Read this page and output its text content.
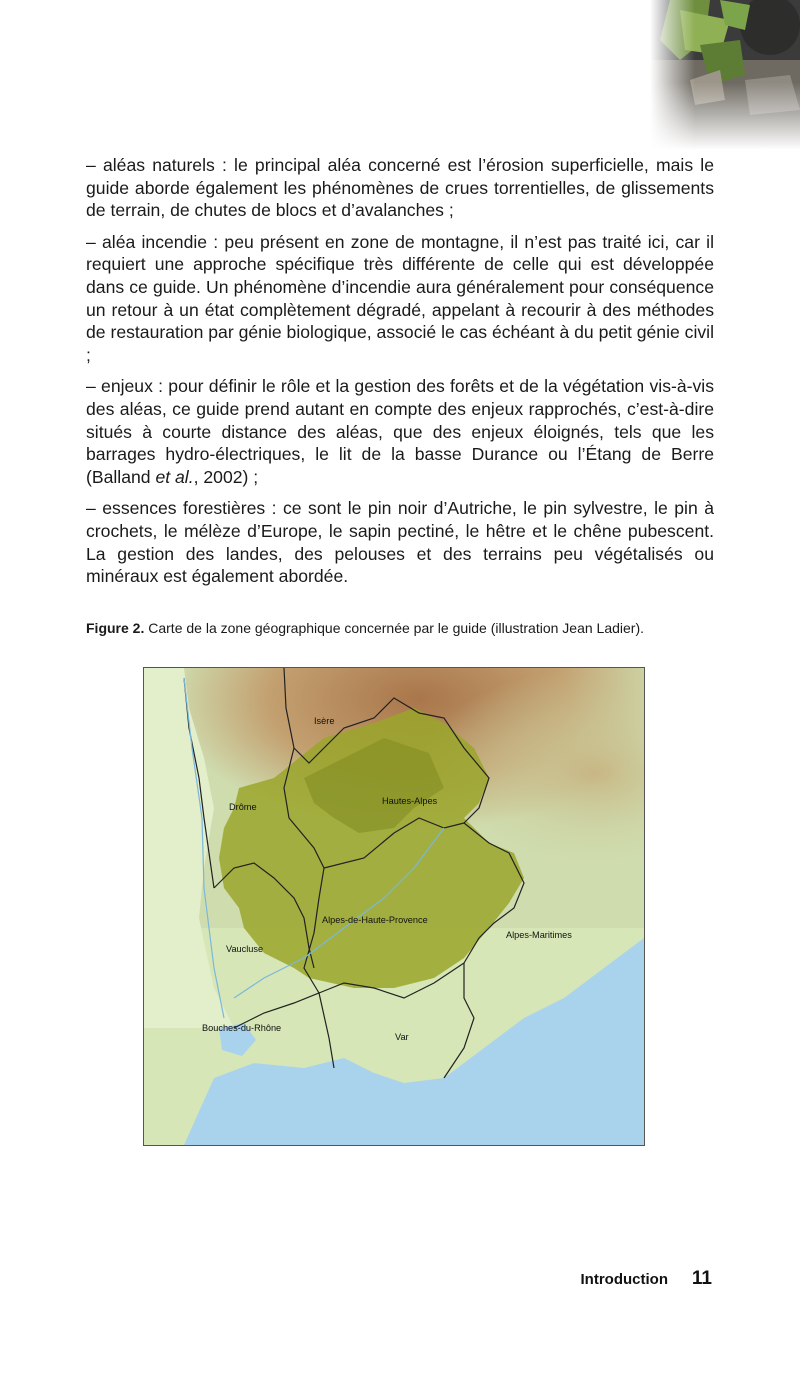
– aléas naturels : le principal aléa concerné est l’érosion superficielle, mais le guide aborde également les phénomènes de crues torrentielles, de glissements de terrain, de chutes de blocs et d’avalanches ;

– aléa incendie : peu présent en zone de montagne, il n’est pas traité ici, car il requiert une approche spécifique très différente de celle qui est développée dans ce guide. Un phénomène d’incendie aura généralement pour conséquence un retour à un état complètement dégradé, appelant à recourir à des méthodes de restauration par génie biologique, associé le cas échéant à du petit génie civil ;

– enjeux : pour définir le rôle et la gestion des forêts et de la végétation vis-à-vis des aléas, ce guide prend autant en compte des enjeux rapprochés, c’est-à-dire situés à courte distance des aléas, que des enjeux éloignés, tels que les barrages hydro-électriques, le lit de la basse Durance ou l’Étang de Berre (Balland et al., 2002) ;

– essences forestières : ce sont le pin noir d’Autriche, le pin sylvestre, le pin à crochets, le mélèze d’Europe, le sapin pectiné, le hêtre et le chêne pubescent. La gestion des landes, des pelouses et des terrains peu végétalisés ou minéraux est également abordée.

Figure 2. Carte de la zone géographique concernée par le guide (illustration Jean Ladier).
Isère
Drôme
Hautes-Alpes
Alpes-de-Haute-Provence
Vaucluse
Alpes-Maritimes
Bouches-du-Rhône
Var
Introduction 11
